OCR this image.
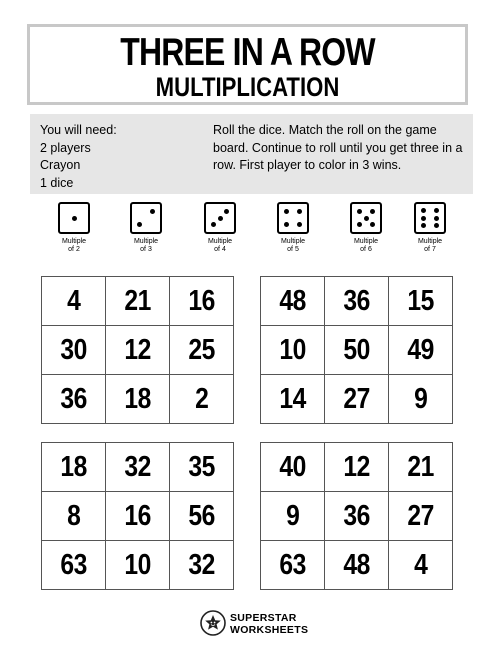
THREE IN A ROW
MULTIPLICATION
You will need:
2 players
Crayon
1 dice
Roll the dice. Match the roll on the game board. Continue to roll until you get three in a row. First player to color in 3 wins.
Multiple
of 2
Multiple
of 3
Multiple
of 4
Multiple
of 5
Multiple
of 6
Multiple
of 7
4	21	16
30	12	25
36	18	2
48	36	15
10	50	49
14	27	9
18	32	35
8	16	56
63	10	32
40	12	21
9	36	27
63	48	4
SUPERSTAR
WORKSHEETS
